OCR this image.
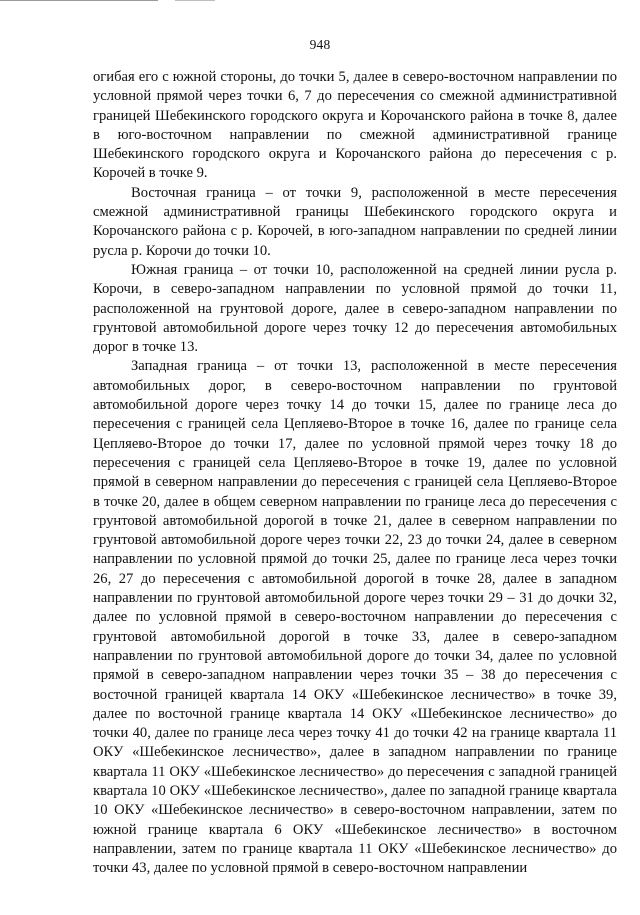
948

огибая его с южной стороны, до точки 5, далее в северо-восточном направлении по условной прямой через точки 6, 7 до пересечения со смежной административной границей Шебекинского городского округа и Корочанского района в точке 8, далее в юго-восточном направлении по смежной административной границе Шебекинского городского округа и Корочанского района до пересечения с р. Корочей в точке 9.

Восточная граница – от точки 9, расположенной в месте пересечения смежной административной границы Шебекинского городского округа и Корочанского района с р. Корочей, в юго-западном направлении по средней линии русла р. Корочи до точки 10.

Южная граница – от точки 10, расположенной на средней линии русла р. Корочи, в северо-западном направлении по условной прямой до точки 11, расположенной на грунтовой дороге, далее в северо-западном направлении по грунтовой автомобильной дороге через точку 12 до пересечения автомобильных дорог в точке 13.

Западная граница – от точки 13, расположенной в месте пересечения автомобильных дорог, в северо-восточном направлении по грунтовой автомобильной дороге через точку 14 до точки 15, далее по границе леса до пересечения с границей села Цепляево-Второе в точке 16, далее по границе села Цепляево-Второе до точки 17, далее по условной прямой через точку 18 до пересечения с границей села Цепляево-Второе в точке 19, далее по условной прямой в северном направлении до пересечения с границей села Цепляево-Второе в точке 20, далее в общем северном направлении по границе леса до пересечения с грунтовой автомобильной дорогой в точке 21, далее в северном направлении по грунтовой автомобильной дороге через точки 22, 23 до точки 24, далее в северном направлении по условной прямой до точки 25, далее по границе леса через точки 26, 27 до пересечения с автомобильной дорогой в точке 28, далее в западном направлении по грунтовой автомобильной дороге через точки 29 – 31 до дочки 32, далее по условной прямой в северо-восточном направлении до пересечения с грунтовой автомобильной дорогой в точке 33, далее в северо-западном направлении по грунтовой автомобильной дороге до точки 34, далее по условной прямой в северо-западном направлении через точки 35 – 38 до пересечения с восточной границей квартала 14 ОКУ «Шебекинское лесничество» в точке 39, далее по восточной границе квартала 14 ОКУ «Шебекинское лесничество» до точки 40, далее по границе леса через точку 41 до точки 42 на границе квартала 11 ОКУ «Шебекинское лесничество», далее в западном направлении по границе квартала 11 ОКУ «Шебекинское лесничество» до пересечения с западной границей квартала 10 ОКУ «Шебекинское лесничество», далее по западной границе квартала 10 ОКУ «Шебекинское лесничество» в северо-восточном направлении, затем по южной границе квартала 6 ОКУ «Шебекинское лесничество» в восточном направлении, затем по границе квартала 11 ОКУ «Шебекинское лесничество» до точки 43, далее по условной прямой в северо-восточном направлении
